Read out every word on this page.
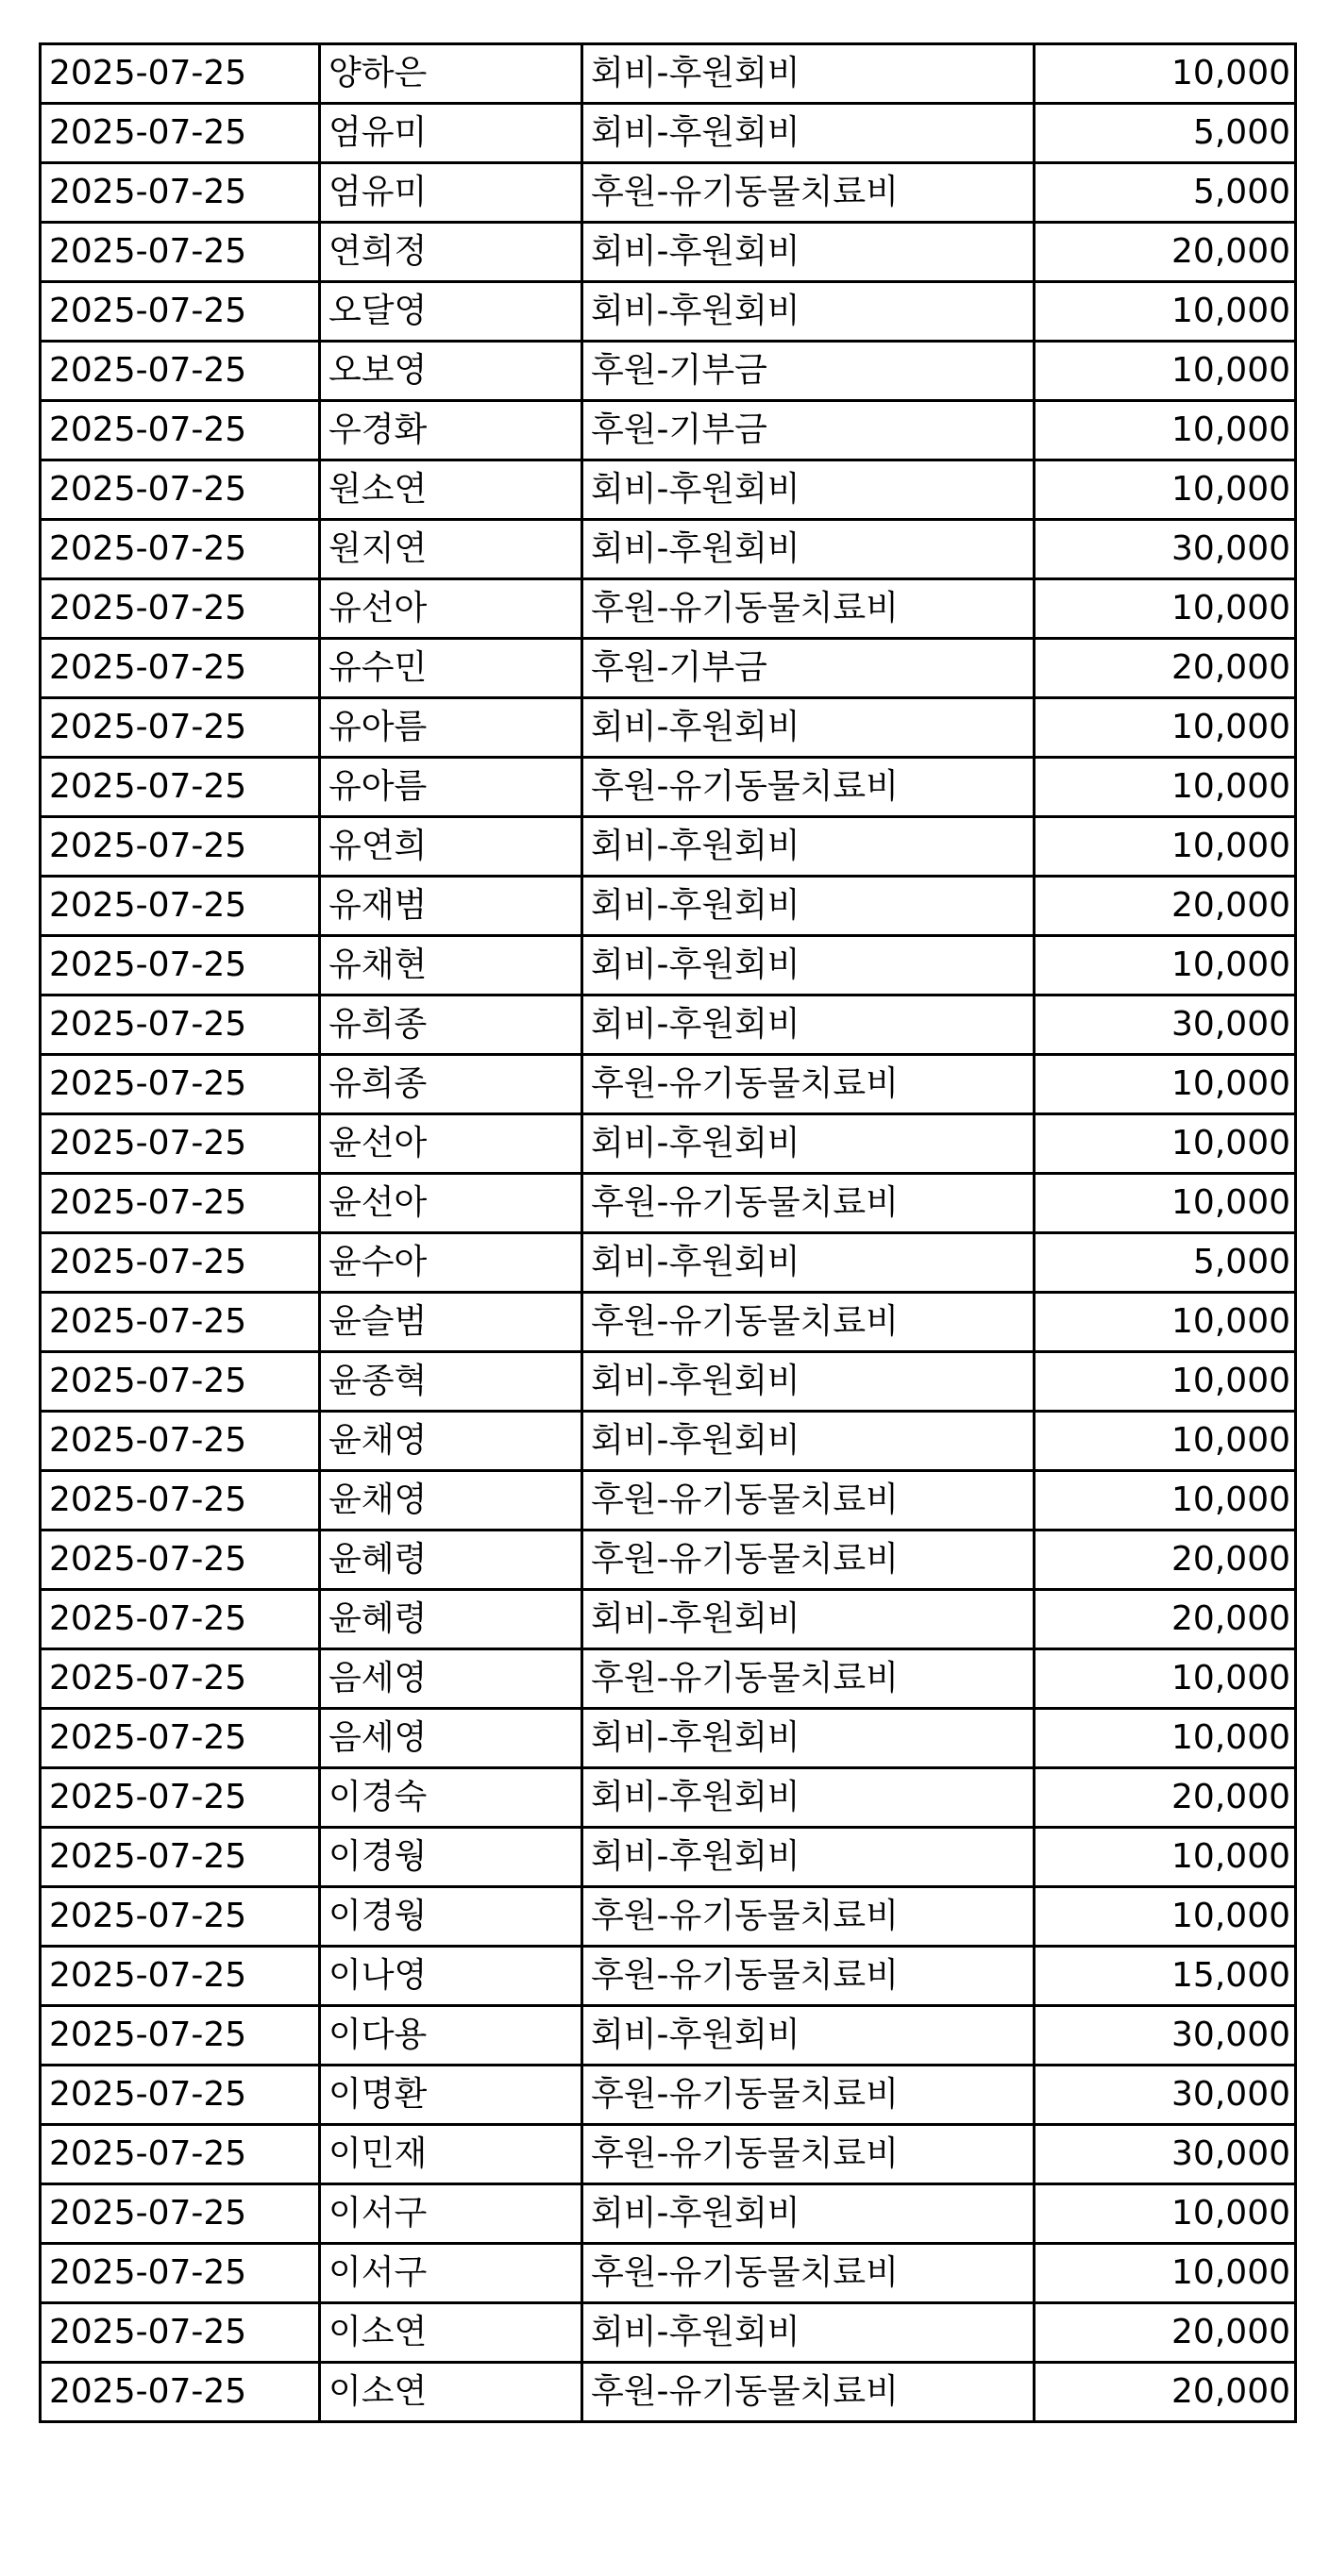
2025-07-25	양하은	회비-후원회비	10,000
2025-07-25	엄유미	회비-후원회비	5,000
2025-07-25	엄유미	후원-유기동물치료비	5,000
2025-07-25	연희정	회비-후원회비	20,000
2025-07-25	오달영	회비-후원회비	10,000
2025-07-25	오보영	후원-기부금	10,000
2025-07-25	우경화	후원-기부금	10,000
2025-07-25	원소연	회비-후원회비	10,000
2025-07-25	원지연	회비-후원회비	30,000
2025-07-25	유선아	후원-유기동물치료비	10,000
2025-07-25	유수민	후원-기부금	20,000
2025-07-25	유아름	회비-후원회비	10,000
2025-07-25	유아름	후원-유기동물치료비	10,000
2025-07-25	유연희	회비-후원회비	10,000
2025-07-25	유재범	회비-후원회비	20,000
2025-07-25	유채현	회비-후원회비	10,000
2025-07-25	유희종	회비-후원회비	30,000
2025-07-25	유희종	후원-유기동물치료비	10,000
2025-07-25	윤선아	회비-후원회비	10,000
2025-07-25	윤선아	후원-유기동물치료비	10,000
2025-07-25	윤수아	회비-후원회비	5,000
2025-07-25	윤슬범	후원-유기동물치료비	10,000
2025-07-25	윤종혁	회비-후원회비	10,000
2025-07-25	윤채영	회비-후원회비	10,000
2025-07-25	윤채영	후원-유기동물치료비	10,000
2025-07-25	윤혜령	후원-유기동물치료비	20,000
2025-07-25	윤혜령	회비-후원회비	20,000
2025-07-25	음세영	후원-유기동물치료비	10,000
2025-07-25	음세영	회비-후원회비	10,000
2025-07-25	이경숙	회비-후원회비	20,000
2025-07-25	이경웡	회비-후원회비	10,000
2025-07-25	이경웡	후원-유기동물치료비	10,000
2025-07-25	이나영	후원-유기동물치료비	15,000
2025-07-25	이다용	회비-후원회비	30,000
2025-07-25	이명환	후원-유기동물치료비	30,000
2025-07-25	이민재	후원-유기동물치료비	30,000
2025-07-25	이서구	회비-후원회비	10,000
2025-07-25	이서구	후원-유기동물치료비	10,000
2025-07-25	이소연	회비-후원회비	20,000
2025-07-25	이소연	후원-유기동물치료비	20,000
